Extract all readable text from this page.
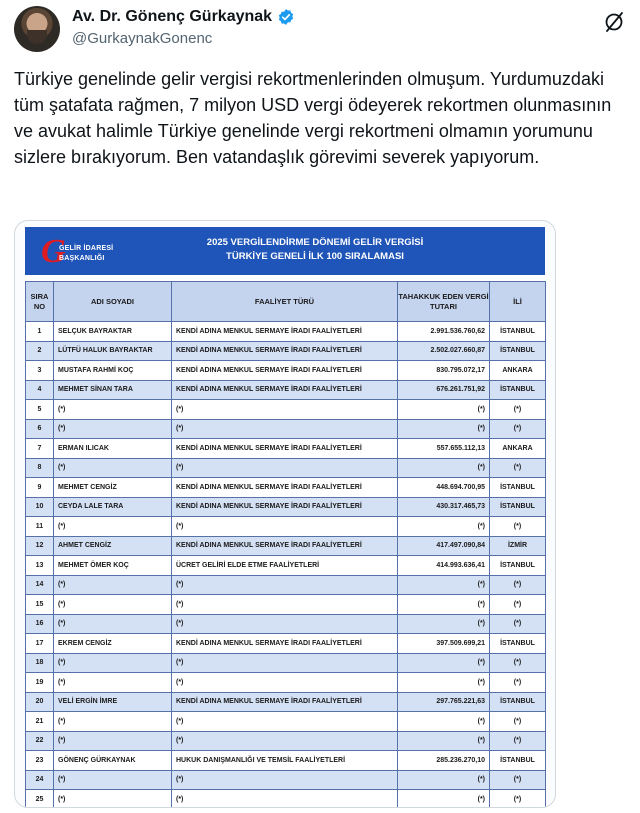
Av. Dr. Gönenç Gürkaynak
@GurkaynakGonenc
Türkiye genelinde gelir vergisi rekortmenlerinden olmuşum. Yurdumuzdaki tüm şatafata rağmen, 7 milyon USD vergi ödeyerek rekortmen olunmasının ve avukat halimle Türkiye genelinde vergi rekortmeni olmamın yorumunu sizlere bırakıyorum. Ben vatandaşlık görevimi severek yapıyorum.
G
GELİR İDARESİ
BAŞKANLIĞI
2025 VERGİLENDİRME DÖNEMİ GELİR VERGİSİ
TÜRKİYE GENELİ İLK 100 SIRALAMASI
SIRA NO	ADI SOYADI	FAALİYET TÜRÜ	TAHAKKUK EDEN VERGİ TUTARI	İLİ
1	SELÇUK BAYRAKTAR	KENDİ ADINA MENKUL SERMAYE İRADI FAALİYETLERİ	2.991.536.760,62	İSTANBUL
2	LÜTFÜ HALUK BAYRAKTAR	KENDİ ADINA MENKUL SERMAYE İRADI FAALİYETLERİ	2.502.027.660,87	İSTANBUL
3	MUSTAFA RAHMİ KOÇ	KENDİ ADINA MENKUL SERMAYE İRADI FAALİYETLERİ	830.795.072,17	ANKARA
4	MEHMET SİNAN TARA	KENDİ ADINA MENKUL SERMAYE İRADI FAALİYETLERİ	676.261.751,92	İSTANBUL
5	(*)	(*)	(*)	(*)
6	(*)	(*)	(*)	(*)
7	ERMAN ILICAK	KENDİ ADINA MENKUL SERMAYE İRADI FAALİYETLERİ	557.655.112,13	ANKARA
8	(*)	(*)	(*)	(*)
9	MEHMET CENGİZ	KENDİ ADINA MENKUL SERMAYE İRADI FAALİYETLERİ	448.694.700,95	İSTANBUL
10	CEYDA LALE TARA	KENDİ ADINA MENKUL SERMAYE İRADI FAALİYETLERİ	430.317.465,73	İSTANBUL
11	(*)	(*)	(*)	(*)
12	AHMET CENGİZ	KENDİ ADINA MENKUL SERMAYE İRADI FAALİYETLERİ	417.497.090,84	İZMİR
13	MEHMET ÖMER KOÇ	ÜCRET GELİRİ ELDE ETME FAALİYETLERİ	414.993.636,41	İSTANBUL
14	(*)	(*)	(*)	(*)
15	(*)	(*)	(*)	(*)
16	(*)	(*)	(*)	(*)
17	EKREM CENGİZ	KENDİ ADINA MENKUL SERMAYE İRADI FAALİYETLERİ	397.509.699,21	İSTANBUL
18	(*)	(*)	(*)	(*)
19	(*)	(*)	(*)	(*)
20	VELİ ERGİN İMRE	KENDİ ADINA MENKUL SERMAYE İRADI FAALİYETLERİ	297.765.221,63	İSTANBUL
21	(*)	(*)	(*)	(*)
22	(*)	(*)	(*)	(*)
23	GÖNENÇ GÜRKAYNAK	HUKUK DANIŞMANLIĞI VE TEMSİL FAALİYETLERİ	285.236.270,10	İSTANBUL
24	(*)	(*)	(*)	(*)
25	(*)	(*)	(*)	(*)
